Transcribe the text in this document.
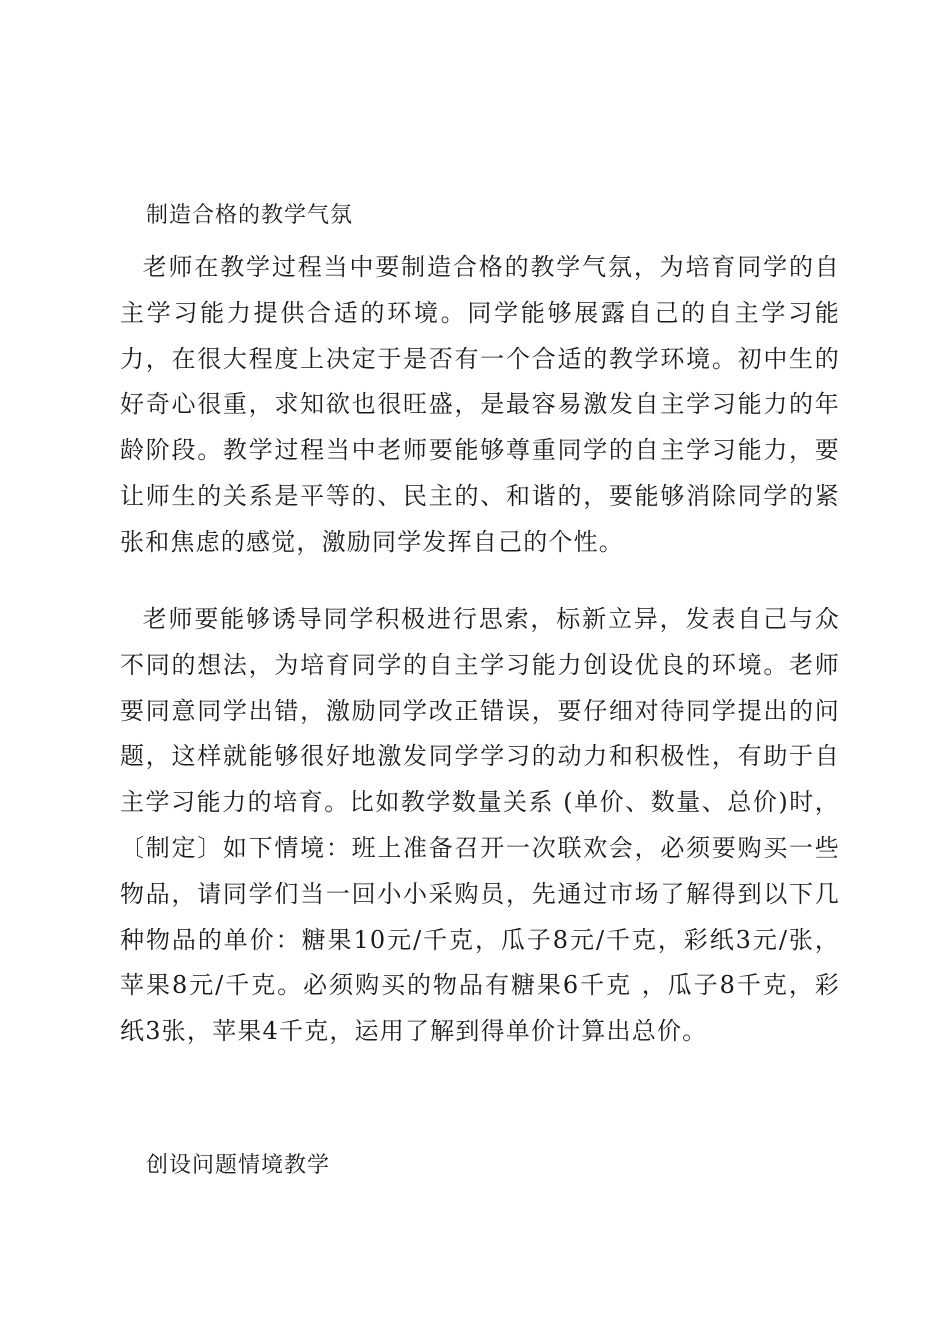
制造合格的教学气氛

老师在教学过程当中要制造合格的教学气氛，为培育同学的自主学习能力提供合适的环境。同学能够展露自己的自主学习能力，在很大程度上决定于是否有一个合适的教学环境。初中生的好奇心很重，求知欲也很旺盛，是最容易激发自主学习能力的年龄阶段。教学过程当中老师要能够尊重同学的自主学习能力，要让师生的关系是平等的、民主的、和谐的，要能够消除同学的紧张和焦虑的感觉，激励同学发挥自己的个性。

老师要能够诱导同学积极进行思索，标新立异，发表自己与众不同的想法，为培育同学的自主学习能力创设优良的环境。老师要同意同学出错，激励同学改正错误，要仔细对待同学提出的问题，这样就能够很好地激发同学学习的动力和积极性，有助于自主学习能力的培育。比如教学数量关系 (单价、数量、总价)时，〔制定〕如下情境：班上准备召开一次联欢会，必须要购买一些物品，请同学们当一回小小采购员，先通过市场了解得到以下几种物品的单价：糖果10元/千克，瓜子8元/千克，彩纸3元/张，苹果8元/千克。必须购买的物品有糖果6千克 ，瓜子8千克，彩纸3张，苹果4千克，运用了解到得单价计算出总价。

创设问题情境教学
